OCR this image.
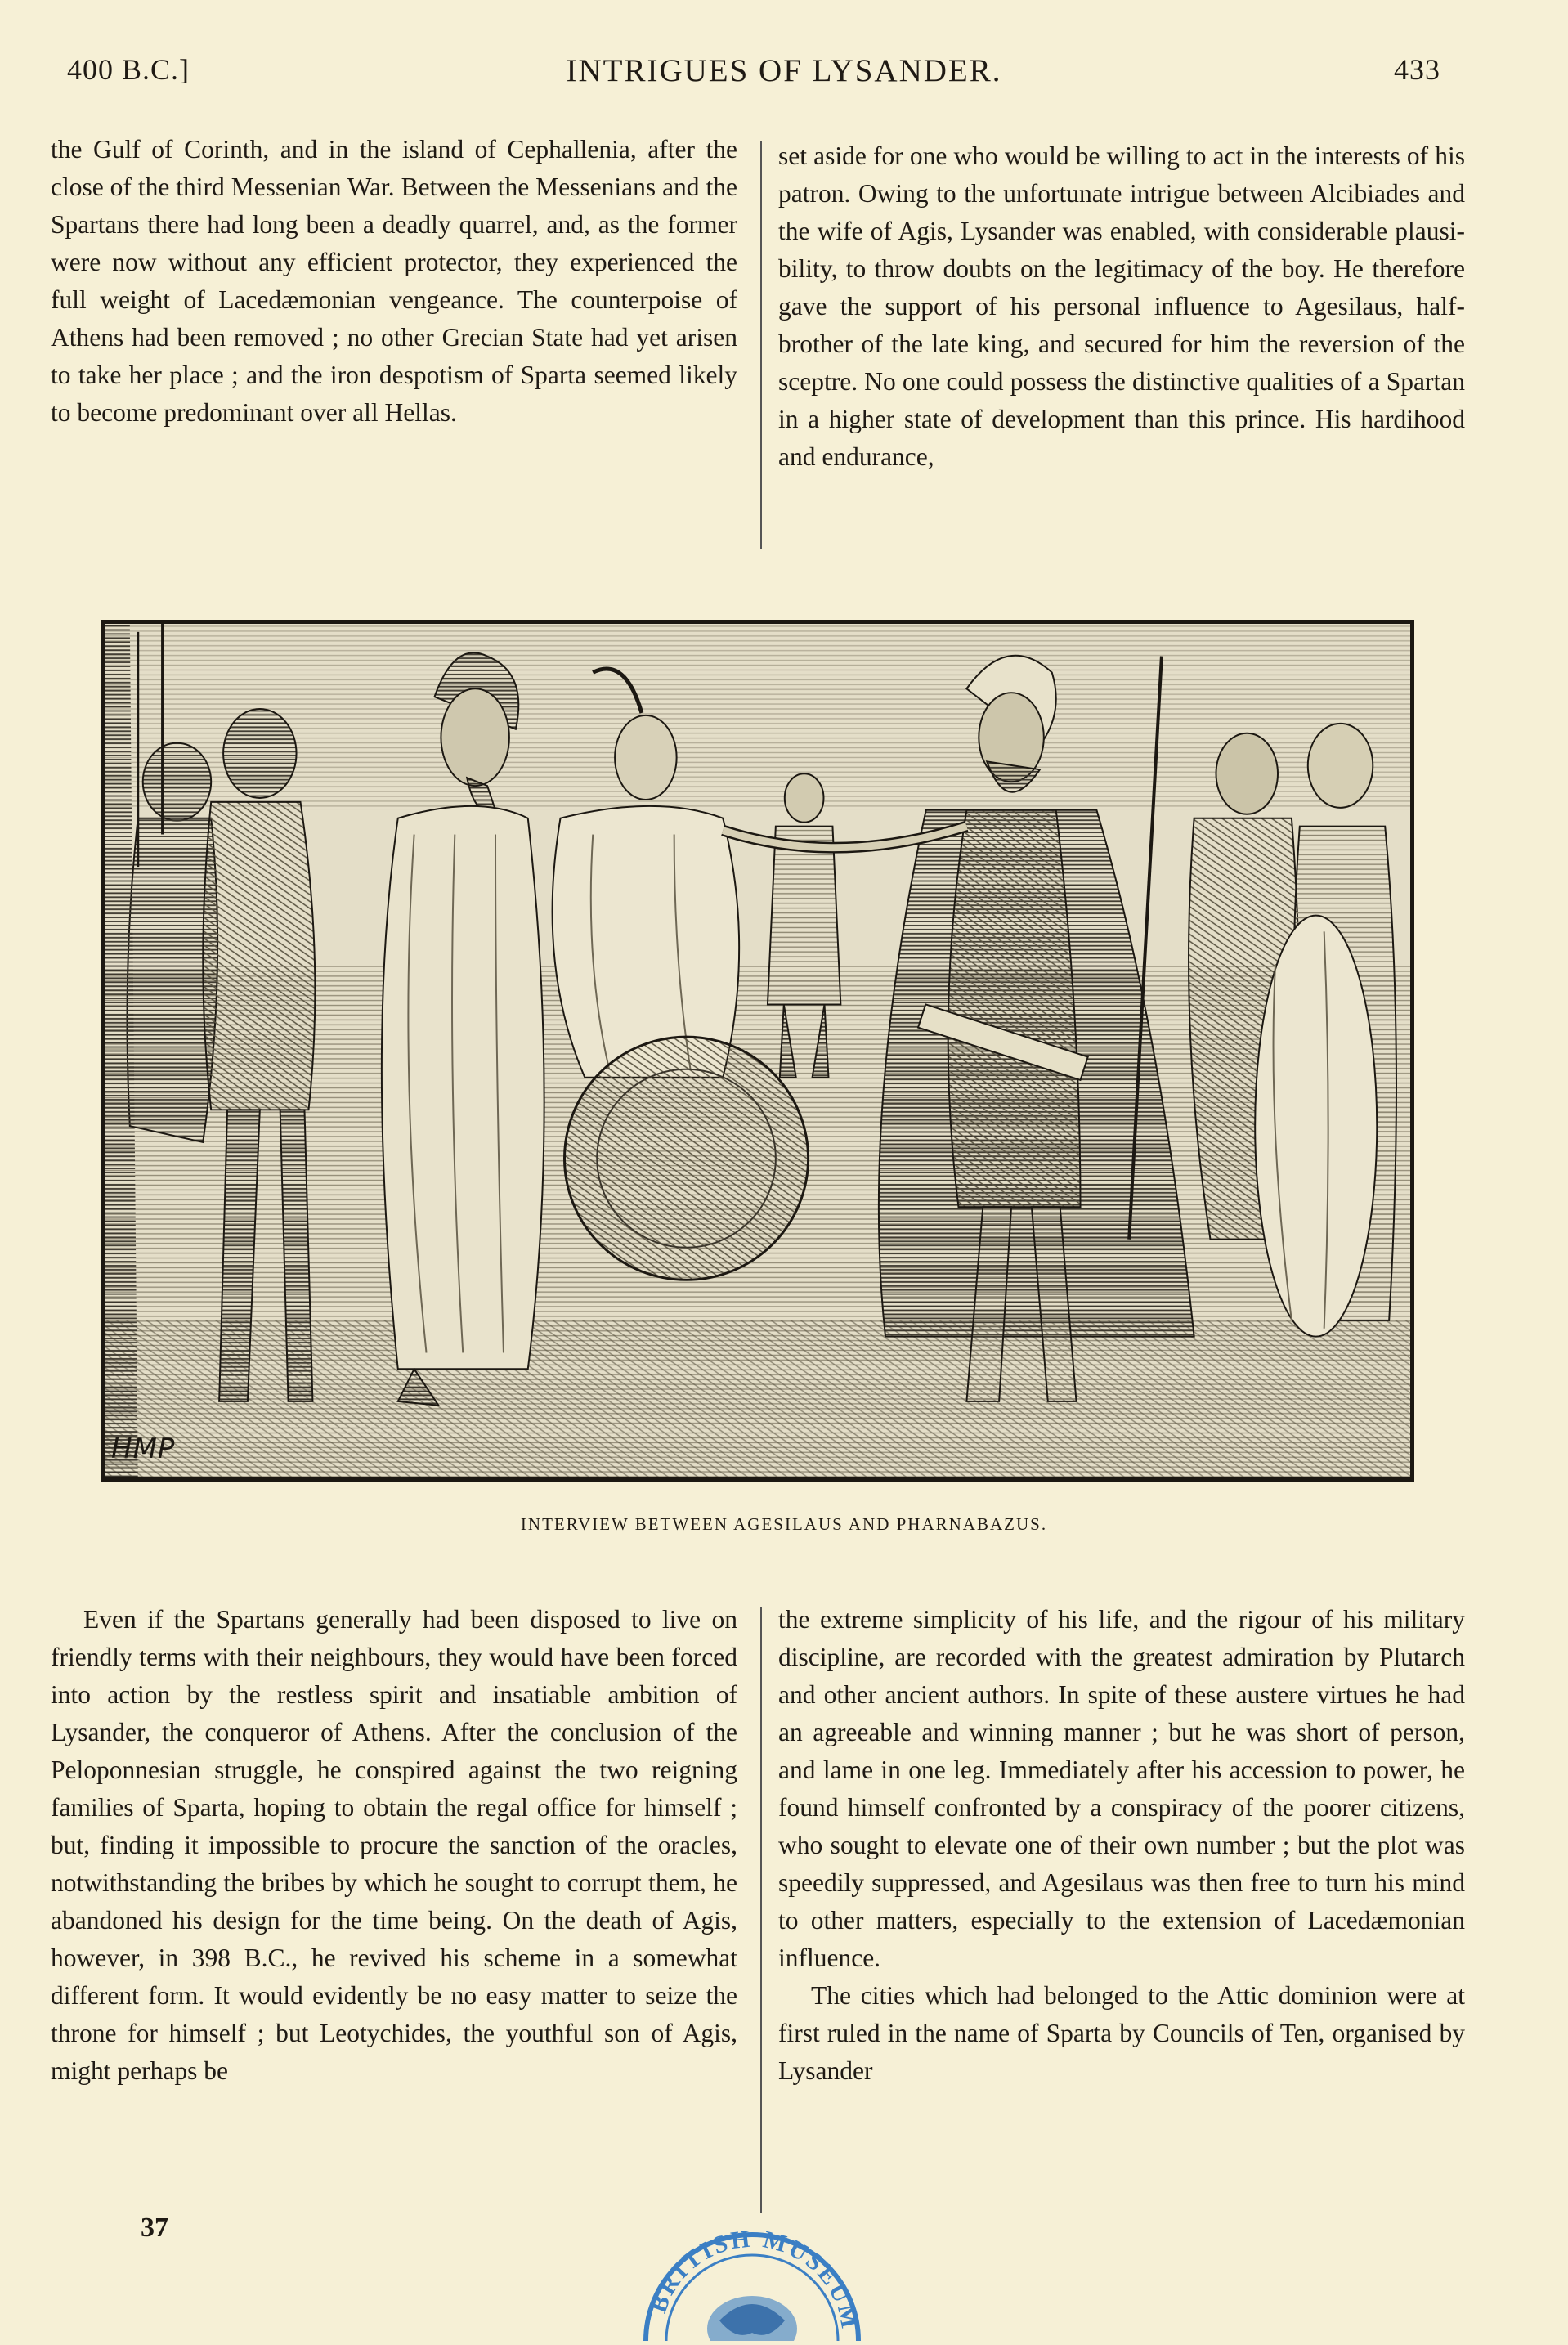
INTRIGUES OF LYSANDER.
400 B.C.]	433

the Gulf of Corinth, and in the island of Cephallenia, after the close of the third Messenian War. Between the Messenians and the Spartans there had long been a deadly quarrel, and, as the former were now without any efficient protector, they experienced the full weight of Lacedæmonian vengeance. The counterpoise of Athens had been removed ; no other Grecian State had yet arisen to take her place ; and the iron despotism of Sparta seemed likely to become predominant over all Hellas.

set aside for one who would be willing to act in the interests of his patron. Owing to the unfortunate intrigue between Alcibiades and the wife of Agis, Lysander was enabled, with considerable plausibility, to throw doubts on the legitimacy of the boy. He therefore gave the support of his personal influence to Agesilaus, half-brother of the late king, and secured for him the reversion of the sceptre. No one could possess the distinctive qualities of a Spartan in a higher state of development than this prince. His hardihood and endurance,

HMP
INTERVIEW BETWEEN AGESILAUS AND PHARNABAZUS.

Even if the Spartans generally had been disposed to live on friendly terms with their neighbours, they would have been forced into action by the restless spirit and insatiable ambition of Lysander, the conqueror of Athens. After the conclusion of the Peloponnesian struggle, he conspired against the two reigning families of Sparta, hoping to obtain the regal office for himself ; but, finding it impossible to procure the sanction of the oracles, notwithstanding the bribes by which he sought to corrupt them, he abandoned his design for the time being. On the death of Agis, however, in 398 B.C., he revived his scheme in a somewhat different form. It would evidently be no easy matter to seize the throne for himself ; but Leotychides, the youthful son of Agis, might perhaps be

the extreme simplicity of his life, and the rigour of his military discipline, are recorded with the greatest admiration by Plutarch and other ancient authors. In spite of these austere virtues he had an agreeable and winning manner ; but he was short of person, and lame in one leg. Immediately after his accession to power, he found himself confronted by a conspiracy of the poorer citizens, who sought to elevate one of their own number ; but the plot was speedily suppressed, and Agesilaus was then free to turn his mind to other matters, especially to the extension of Lacedæmonian influence.

The cities which had belonged to the Attic dominion were at first ruled in the name of Sparta by Councils of Ten, organised by Lysander

37
BRITISH MUSEUM
